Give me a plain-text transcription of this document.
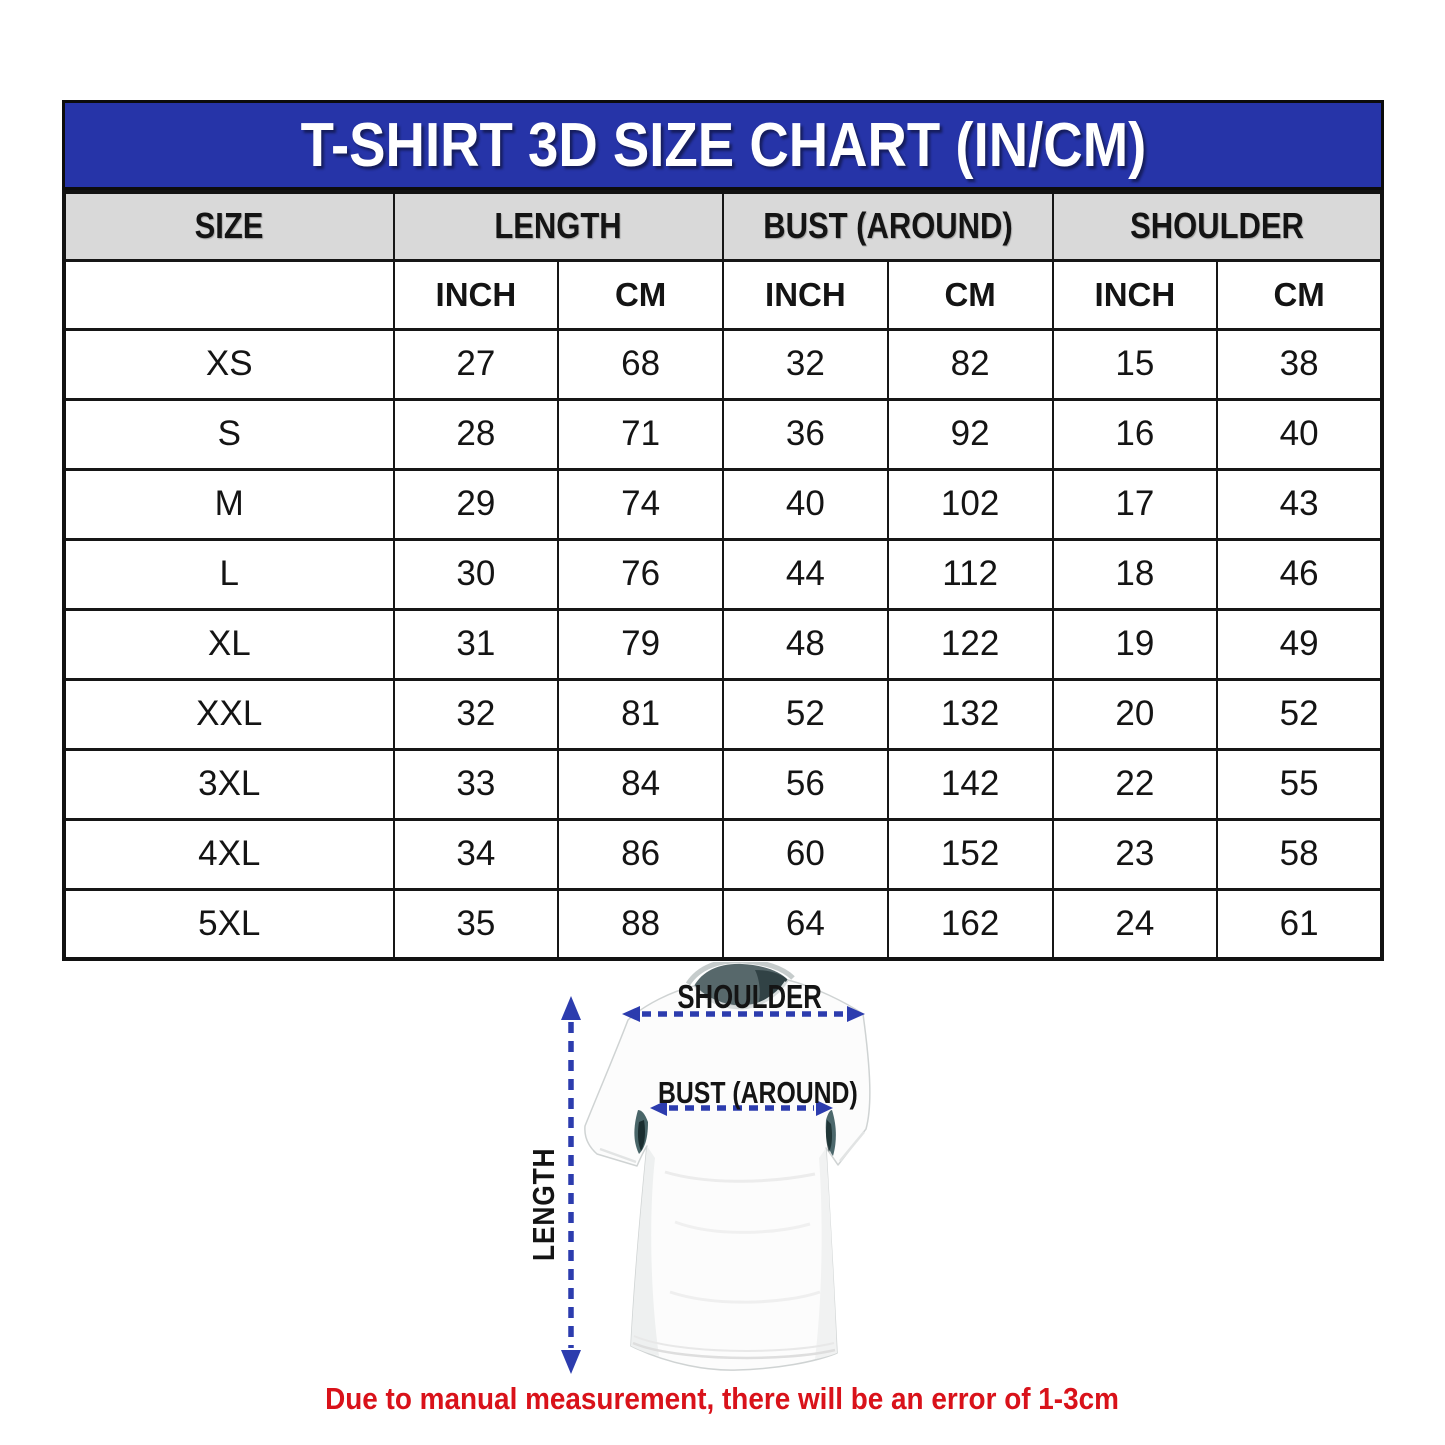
T-SHIRT 3D SIZE CHART (IN/CM)
SIZE	LENGTH		BUST (AROUND)		SHOULDER	
	INCH	CM	INCH	CM	INCH	CM
XS	27	68	32	82	15	38
S	28	71	36	92	16	40
M	29	74	40	102	17	43
L	30	76	44	112	18	46
XL	31	79	48	122	19	49
XXL	32	81	52	132	20	52
3XL	33	84	56	142	22	55
4XL	34	86	60	152	23	58
5XL	35	88	64	162	24	61
SHOULDER
BUST (AROUND)
LENGTH
Due to manual measurement, there will be an error of 1-3cm
